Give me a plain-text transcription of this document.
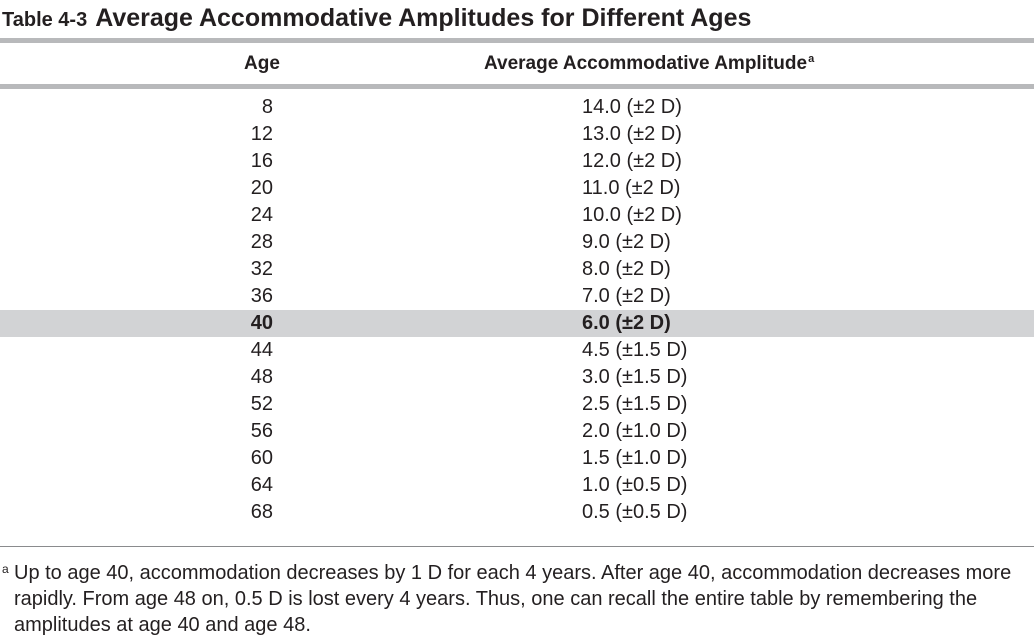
Table 4-3 Average Accommodative Amplitudes for Different Ages
Age	Average Accommodative Amplitude$^a$
8	14.0 (±2 D)
12	13.0 (±2 D)
16	12.0 (±2 D)
20	11.0 (±2 D)
24	10.0 (±2 D)
28	9.0 (±2 D)
32	8.0 (±2 D)
36	7.0 (±2 D)
40	6.0 (±2 D)
44	4.5 (±1.5 D)
48	3.0 (±1.5 D)
52	2.5 (±1.5 D)
56	2.0 (±1.0 D)
60	1.5 (±1.0 D)
64	1.0 (±0.5 D)
68	0.5 (±0.5 D)
a Up to age 40, accommodation decreases by 1 D for each 4 years. After age 40, accommodation decreases more rapidly. From age 48 on, 0.5 D is lost every 4 years. Thus, one can recall the entire table by remembering the amplitudes at age 40 and age 48.
